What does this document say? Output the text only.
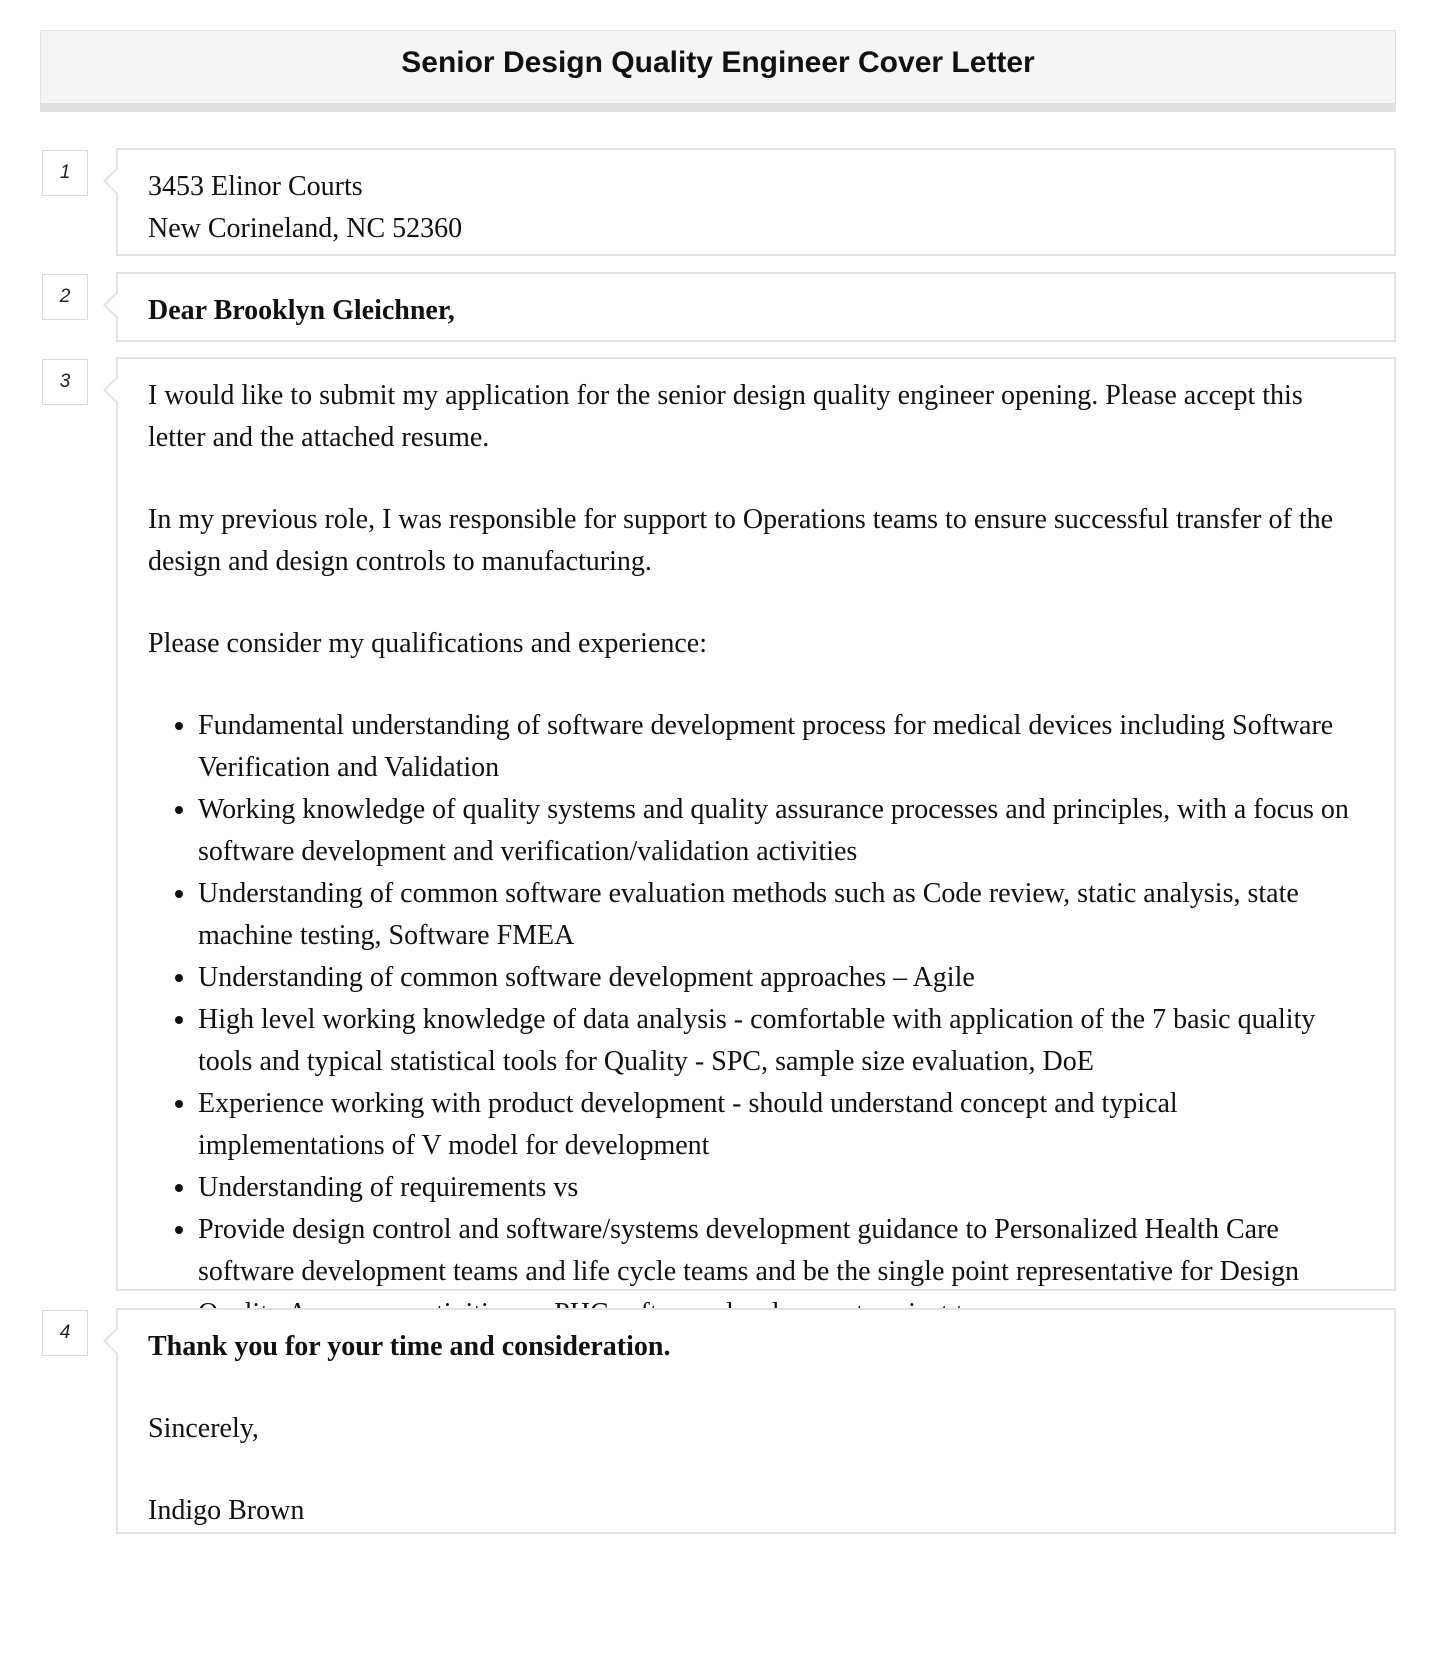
Senior Design Quality Engineer Cover Letter
1	3453 Elinor Courts

New Corineland, NC 52360

2	Dear Brooklyn Gleichner,

3	I would like to submit my application for the senior design quality engineer opening. Please accept this letter and the attached resume.

In my previous role, I was responsible for support to Operations teams to ensure successful transfer of the design and design controls to manufacturing.

Please consider my qualifications and experience:

• Fundamental understanding of software development process for medical devices including Software Verification and Validation
• Working knowledge of quality systems and quality assurance processes and principles, with a focus on software development and verification/validation activities
• Understanding of common software evaluation methods such as Code review, static analysis, state machine testing, Software FMEA
• Understanding of common software development approaches – Agile
• High level working knowledge of data analysis - comfortable with application of the 7 basic quality tools and typical statistical tools for Quality - SPC, sample size evaluation, DoE
• Experience working with product development - should understand concept and typical implementations of V model for development
• Understanding of requirements vs
• Provide design control and software/systems development guidance to Personalized Health Care software development teams and life cycle teams and be the single point representative for Design
4	Thank you for your time and consideration.

Sincerely,

Indigo Brown
